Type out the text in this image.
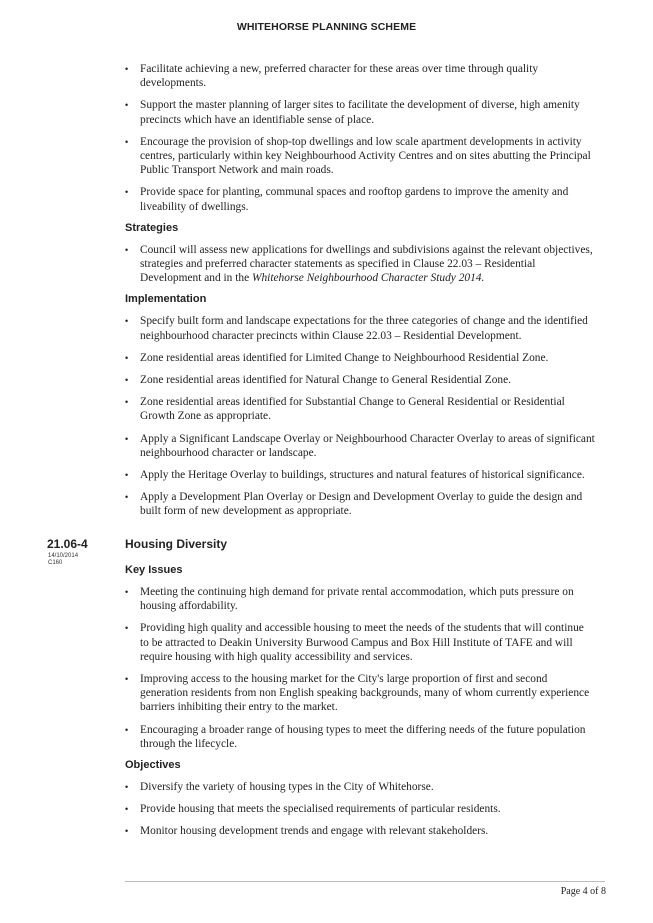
WHITEHORSE PLANNING SCHEME
• Facilitate achieving a new, preferred character for these areas over time through quality developments.
• Support the master planning of larger sites to facilitate the development of diverse, high amenity precincts which have an identifiable sense of place.
• Encourage the provision of shop-top dwellings and low scale apartment developments in activity centres, particularly within key Neighbourhood Activity Centres and on sites abutting the Principal Public Transport Network and main roads.
• Provide space for planting, communal spaces and rooftop gardens to improve the amenity and liveability of dwellings.
Strategies
• Council will assess new applications for dwellings and subdivisions against the relevant objectives, strategies and preferred character statements as specified in Clause 22.03 – Residential Development and in the Whitehorse Neighbourhood Character Study 2014.
Implementation
• Specify built form and landscape expectations for the three categories of change and the identified neighbourhood character precincts within Clause 22.03 – Residential Development.
• Zone residential areas identified for Limited Change to Neighbourhood Residential Zone.
• Zone residential areas identified for Natural Change to General Residential Zone.
• Zone residential areas identified for Substantial Change to General Residential or Residential Growth Zone as appropriate.
• Apply a Significant Landscape Overlay or Neighbourhood Character Overlay to areas of significant neighbourhood character or landscape.
• Apply the Heritage Overlay to buildings, structures and natural features of historical significance.
• Apply a Development Plan Overlay or Design and Development Overlay to guide the design and built form of new development as appropriate.
21.06-4
14/10/2014
C160
Housing Diversity
Key Issues
• Meeting the continuing high demand for private rental accommodation, which puts pressure on housing affordability.
• Providing high quality and accessible housing to meet the needs of the students that will continue to be attracted to Deakin University Burwood Campus and Box Hill Institute of TAFE and will require housing with high quality accessibility and services.
• Improving access to the housing market for the City's large proportion of first and second generation residents from non English speaking backgrounds, many of whom currently experience barriers inhibiting their entry to the market.
• Encouraging a broader range of housing types to meet the differing needs of the future population through the lifecycle.
Objectives
• Diversify the variety of housing types in the City of Whitehorse.
• Provide housing that meets the specialised requirements of particular residents.
• Monitor housing development trends and engage with relevant stakeholders.
Page 4 of 8
